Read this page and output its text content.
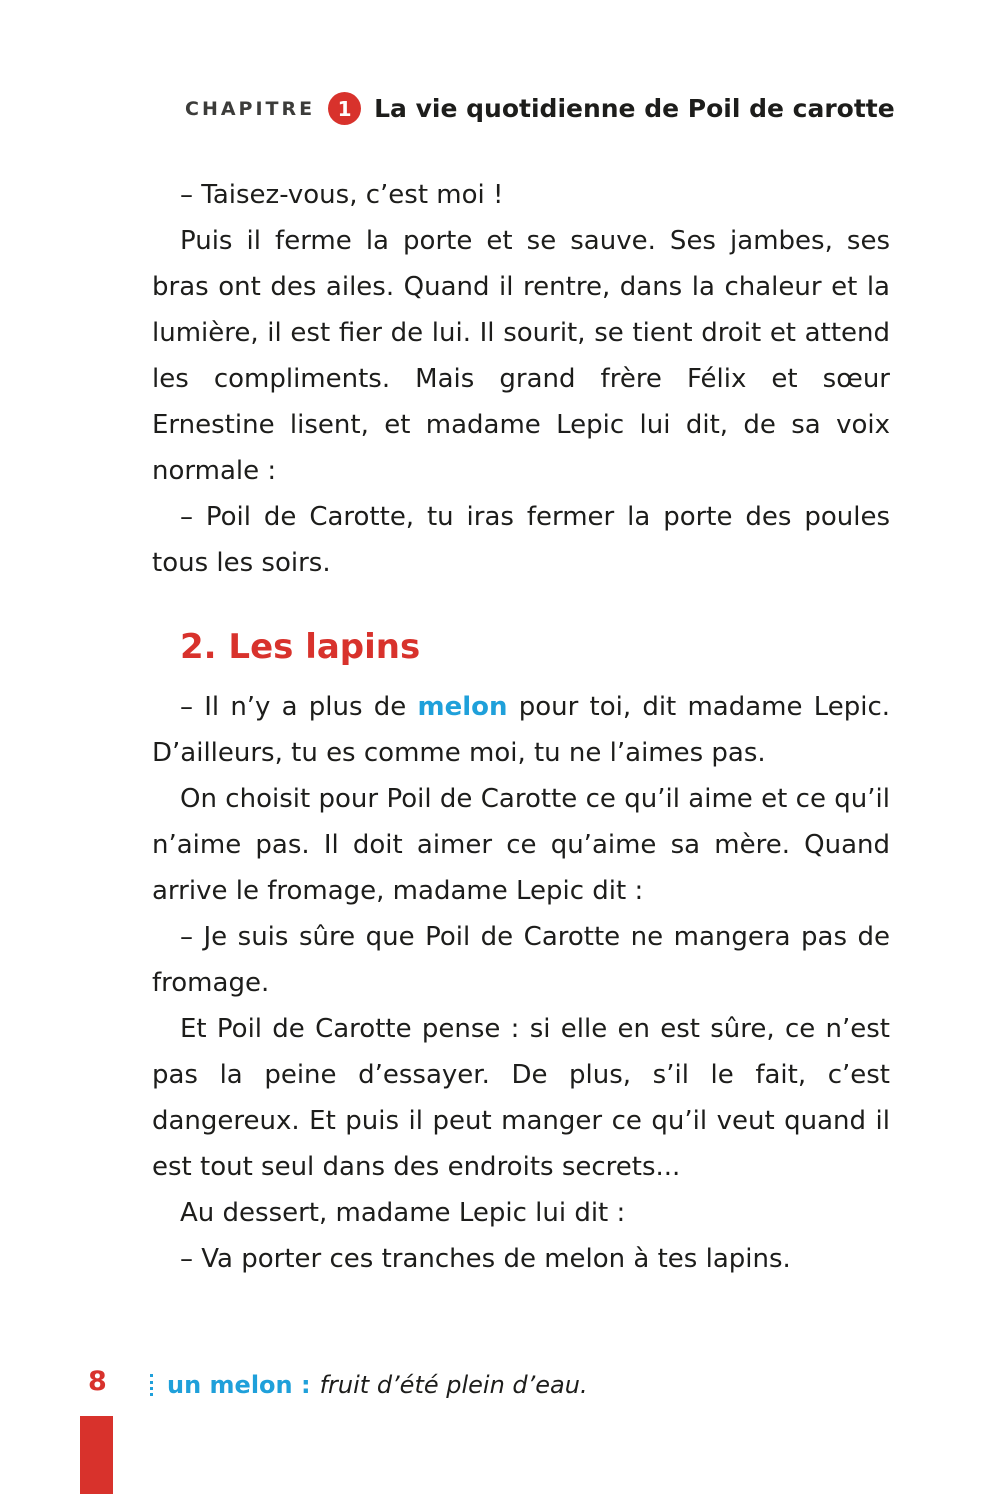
CHAPITRE	1 La vie quotidienne de Poil de carotte

– Taisez-vous, c’est moi !

Puis il ferme la porte et se sauve. Ses jambes, ses bras ont des ailes. Quand il rentre, dans la chaleur et la lumière, il est fier de lui. Il sourit, se tient droit et attend les compliments. Mais grand frère Félix et sœur Ernestine lisent, et madame Lepic lui dit, de sa voix normale :

– Poil de Carotte, tu iras fermer la porte des poules tous les soirs.

2. Les lapins

– Il n’y a plus de melon pour toi, dit madame Lepic. D’ailleurs, tu es comme moi, tu ne l’aimes pas.

On choisit pour Poil de Carotte ce qu’il aime et ce qu’il n’aime pas. Il doit aimer ce qu’aime sa mère. Quand arrive le fromage, madame Lepic dit :

– Je suis sûre que Poil de Carotte ne mangera pas de fromage.

Et Poil de Carotte pense : si elle en est sûre, ce n’est pas la peine d’essayer. De plus, s’il le fait, c’est dangereux. Et puis il peut manger ce qu’il veut quand il est tout seul dans des endroits secrets...

Au dessert, madame Lepic lui dit :

– Va porter ces tranches de melon à tes lapins.

8	un melon : fruit d’été plein d’eau.
